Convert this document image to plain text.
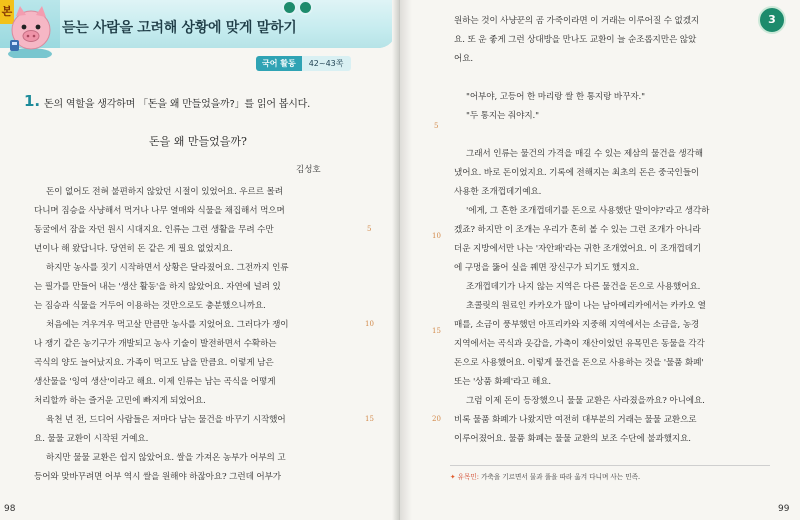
본
듣는 사람을 고려해 상황에 맞게 말하기
국어 활동 42~43쪽
1. 돈의 역할을 생각하며 「돈을 왜 만들었을까?」를 읽어 봅시다.
돈을 왜 만들었을까?
김성호

돈이 없어도 전혀 불편하지 않았던 시절이 있었어요. 우르르 몰려

다니며 짐승을 사냥해서 먹거나 나무 열매와 식물을 채집해서 먹으며

동굴에서 잠을 자던 원시 시대지요. 인류는 그런 생활을 무려 수만

년이나 해 왔답니다. 당연히 돈 같은 게 필요 없었지요.

하지만 농사를 짓기 시작하면서 상황은 달라졌어요. 그전까지 인류

는 필가를 만들어 내는 '생산 활동'을 하지 않았어요. 자연에 널려 있

는 짐승과 식물을 거두어 이용하는 것만으로도 충분했으니까요.

처음에는 겨우겨우 먹고살 만큼만 농사를 지었어요. 그러다가 쟁이

나 쟁기 같은 농기구가 개발되고 농사 기술이 발전하면서 수확하는

곡식의 양도 늘어났지요. 가족이 먹고도 남을 만큼요. 이렇게 남은

생산물을 '잉여 생산'이라고 해요. 이제 인류는 남는 곡식을 어떻게

처리할까 하는 즐거운 고민에 빠지게 되었어요.

육천 년 전, 드디어 사람들은 저마다 남는 물건을 바꾸기 시작했어

요. 물물 교환이 시작된 거예요.

하지만 물물 교환은 쉽지 않았어요. 쌀을 가져온 농부가 어부의 고

등어와 맞바꾸려면 어부 역시 쌀을 원해야 하잖아요? 그런데 어부가

5
10
15
98

원하는 것이 사냥꾼의 곰 가죽이라면 이 거래는 이루어질 수 없겠지

요. 또 운 좋게 그런 상대방을 만나도 교환이 늘 순조롭지만은 않았

어요.

"어부야, 고등어 한 마리랑 쌀 한 통지랑 바꾸자."

"두 통지는 줘야지."

그래서 인류는 물건의 가격을 매길 수 있는 제삼의 물건을 생각해

냈어요. 바로 돈이었지요. 기록에 전해지는 최초의 돈은 중국인들이

사용한 조개껍데기예요.

'에게, 그 흔한 조개껍데기를 돈으로 사용했단 말이야?'라고 생각하

겠죠? 하지만 이 조개는 우리가 흔히 볼 수 있는 그런 조개가 아니라

더운 지방에서만 나는 '자안패'라는 귀한 조개였어요. 이 조개껍데기

에 구멍을 뚫어 실을 꿰면 장신구가 되기도 했지요.

조개껍데기가 나지 않는 지역은 다른 물건을 돈으로 사용했어요.

초콜릿의 원료인 카카오가 많이 나는 남아메리카에서는 카카오 열

매를, 소금이 풍부했던 아프리카와 지중해 지역에서는 소금을, 농경

지역에서는 곡식과 옷감을, 가축이 재산이었던 유목민은 동물을 각각

돈으로 사용했어요. 이렇게 물건을 돈으로 사용하는 것을 '물품 화폐'

또는 '상품 화폐'라고 해요.

그럼 이제 돈이 등장했으니 물물 교환은 사라졌을까요? 아니에요.

비록 물품 화폐가 나왔지만 여전히 대부분의 거래는 물물 교환으로

이루어졌어요. 물품 화폐는 물물 교환의 보조 수단에 불과했지요.

5
10
15
20
3
✦ 유목민: 가축을 기르면서 물과 풀을 따라 옮겨 다니며 사는 민족.
99
